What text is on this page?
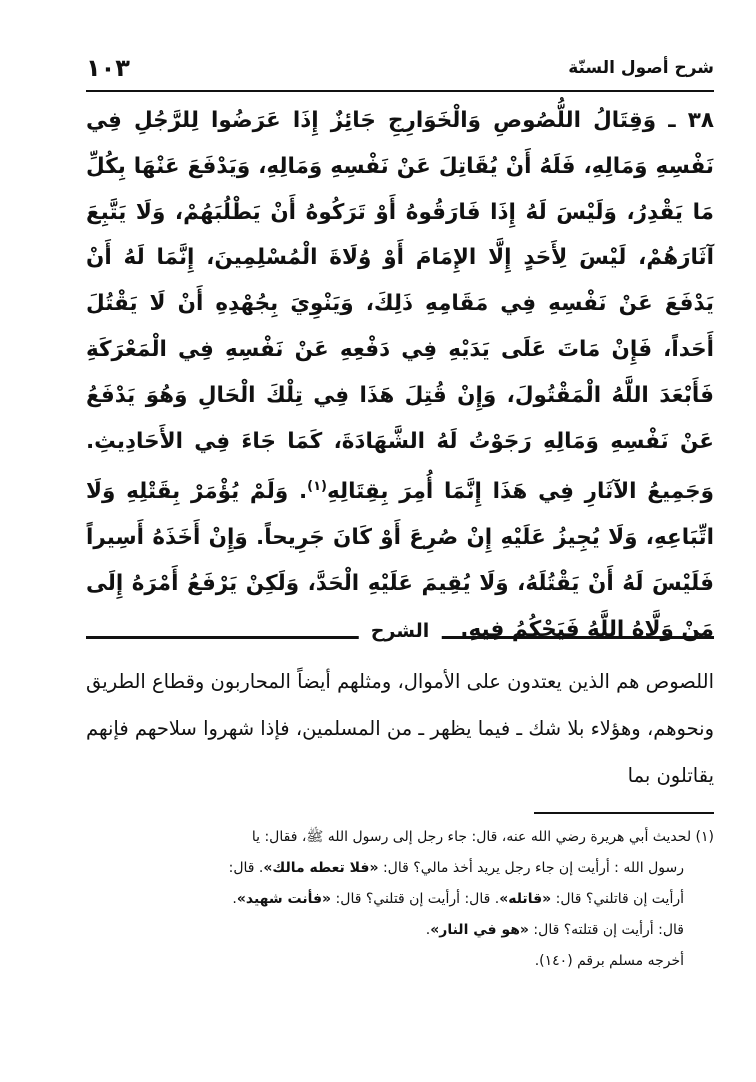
شرح أصول السنّة
١٠٣
٣٨ ـ وَقِتَالُ اللُّصُوصِ وَالْخَوَارِجِ جَائِزٌ إِذَا عَرَضُوا لِلرَّجُلِ فِي نَفْسِهِ وَمَالِهِ، فَلَهُ أَنْ يُقَاتِلَ عَنْ نَفْسِهِ وَمَالِهِ، وَيَدْفَعَ عَنْهَا بِكُلِّ مَا يَقْدِرُ، وَلَيْسَ لَهُ إِذَا فَارَقُوهُ أَوْ تَرَكُوهُ أَنْ يَطْلُبَهُمْ، وَلَا يَتَّبِعَ آثَارَهُمْ، لَيْسَ لِأَحَدٍ إِلَّا الإِمَامَ أَوْ وُلَاةَ الْمُسْلِمِينَ، إِنَّمَا لَهُ أَنْ يَدْفَعَ عَنْ نَفْسِهِ فِي مَقَامِهِ ذَلِكَ، وَيَنْوِيَ بِجُهْدِهِ أَنْ لَا يَقْتُلَ أَحَداً، فَإِنْ مَاتَ عَلَى يَدَيْهِ فِي دَفْعِهِ عَنْ نَفْسِهِ فِي الْمَعْرَكَةِ فَأَبْعَدَ اللَّهُ الْمَقْتُولَ، وَإِنْ قُتِلَ هَذَا فِي تِلْكَ الْحَالِ وَهُوَ يَدْفَعُ عَنْ نَفْسِهِ وَمَالِهِ رَجَوْتُ لَهُ الشَّهَادَةَ، كَمَا جَاءَ فِي الأَحَادِيثِ. وَجَمِيعُ الآثَارِ فِي هَذَا إِنَّمَا أُمِرَ بِقِتَالِهِ$^{(١)}$. وَلَمْ يُؤْمَرْ بِقَتْلِهِ وَلَا اتِّبَاعِهِ، وَلَا يُجِيزُ عَلَيْهِ إِنْ صُرِعَ أَوْ كَانَ جَرِيحاً. وَإِنْ أَخَذَهُ أَسِيراً فَلَيْسَ لَهُ أَنْ يَقْتُلَهُ، وَلَا يُقِيمَ عَلَيْهِ الْحَدَّ، وَلَكِنْ يَرْفَعُ أَمْرَهُ إِلَى مَنْ وَلَّاهُ اللَّهُ فَيَحْكُمُ فِيهِ.
الشرح
اللصوص هم الذين يعتدون على الأموال، ومثلهم أيضاً المحاربون وقطاع الطريق ونحوهم، وهؤلاء بلا شك ـ فيما يظهر ـ من المسلمين، فإذا شهروا سلاحهم فإنهم يقاتلون بما
(١) لحديث أبي هريرة رضي الله عنه، قال: جاء رجل إلى رسول الله ﷺ، فقال: يا
رسول الله : أرأيت إن جاء رجل يريد أخذ مالي؟ قال: «فلا تعطه مالك». قال:
أرأيت إن قاتلني؟ قال: «قاتله». قال: أرأيت إن قتلني؟ قال: «فأنت شهيد».
قال: أرأيت إن قتلته؟ قال: «هو في النار».
أخرجه مسلم برقم (١٤٠).
